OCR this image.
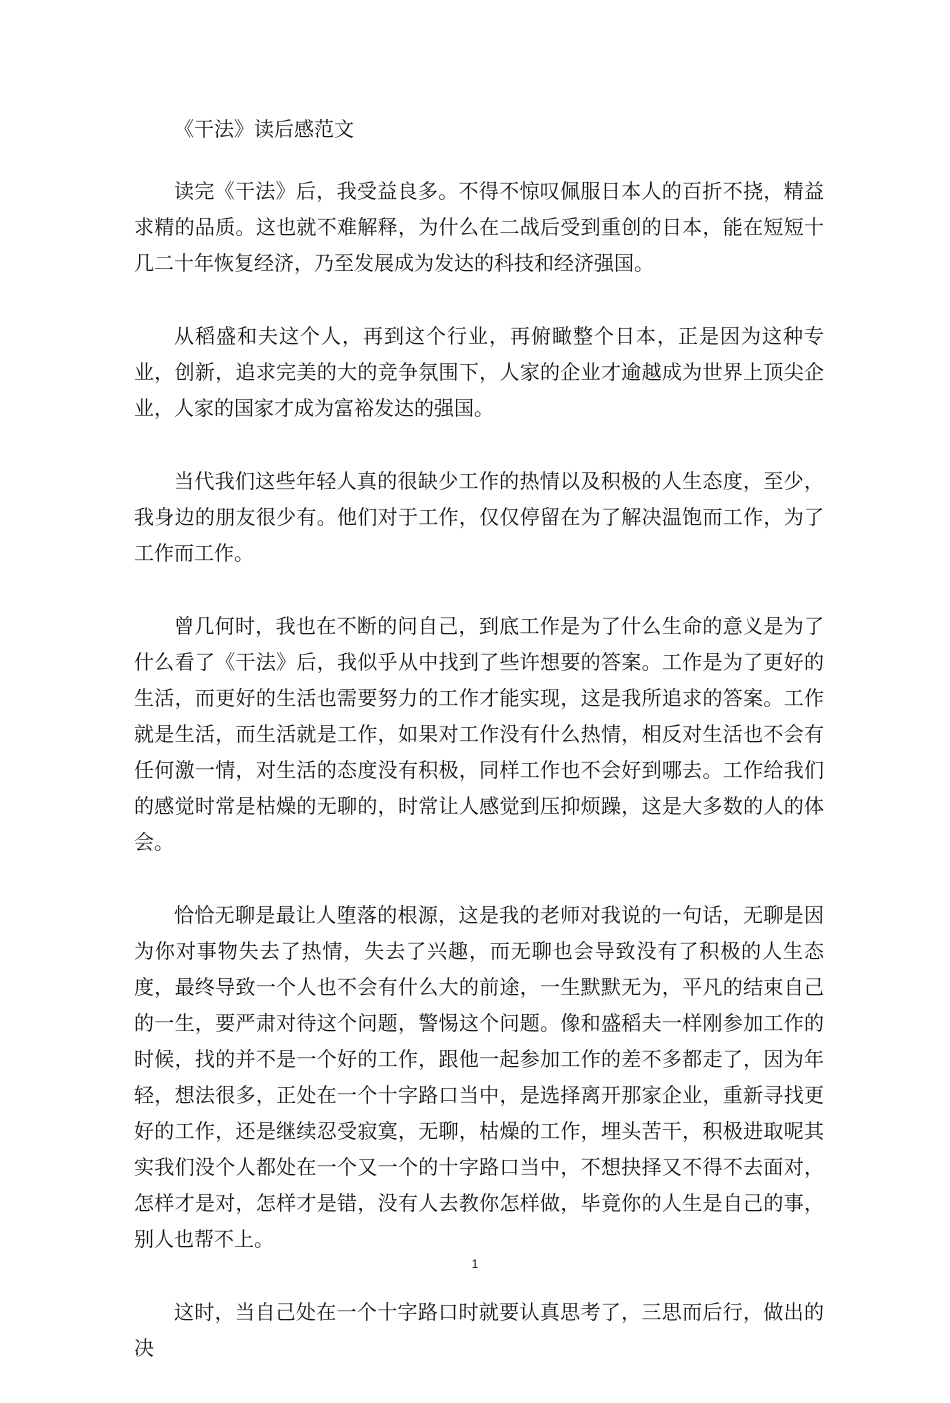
《干法》读后感范文

读完《干法》后，我受益良多。不得不惊叹佩服日本人的百折不挠，精益求精的品质。这也就不难解释，为什么在二战后受到重创的日本，能在短短十几二十年恢复经济，乃至发展成为发达的科技和经济强国。

从稻盛和夫这个人，再到这个行业，再俯瞰整个日本，正是因为这种专业，创新，追求完美的大的竞争氛围下，人家的企业才逾越成为世界上顶尖企业，人家的国家才成为富裕发达的强国。

当代我们这些年轻人真的很缺少工作的热情以及积极的人生态度，至少，我身边的朋友很少有。他们对于工作，仅仅停留在为了解决温饱而工作，为了工作而工作。

曾几何时，我也在不断的问自己，到底工作是为了什么生命的意义是为了什么看了《干法》后，我似乎从中找到了些许想要的答案。工作是为了更好的生活，而更好的生活也需要努力的工作才能实现，这是我所追求的答案。工作就是生活，而生活就是工作，如果对工作没有什么热情，相反对生活也不会有任何激一情，对生活的态度没有积极，同样工作也不会好到哪去。工作给我们的感觉时常是枯燥的无聊的，时常让人感觉到压抑烦躁，这是大多数的人的体会。

恰恰无聊是最让人堕落的根源，这是我的老师对我说的一句话，无聊是因为你对事物失去了热情，失去了兴趣，而无聊也会导致没有了积极的人生态度，最终导致一个人也不会有什么大的前途，一生默默无为，平凡的结束自己的一生，要严肃对待这个问题，警惕这个问题。像和盛稻夫一样刚参加工作的时候，找的并不是一个好的工作，跟他一起参加工作的差不多都走了，因为年轻，想法很多，正处在一个十字路口当中，是选择离开那家企业，重新寻找更好的工作，还是继续忍受寂寞，无聊，枯燥的工作，埋头苦干，积极进取呢其实我们没个人都处在一个又一个的十字路口当中，不想抉择又不得不去面对，怎样才是对，怎样才是错，没有人去教你怎样做，毕竟你的人生是自己的事，别人也帮不上。

这时，当自己处在一个十字路口时就要认真思考了，三思而后行，做出的决

1
